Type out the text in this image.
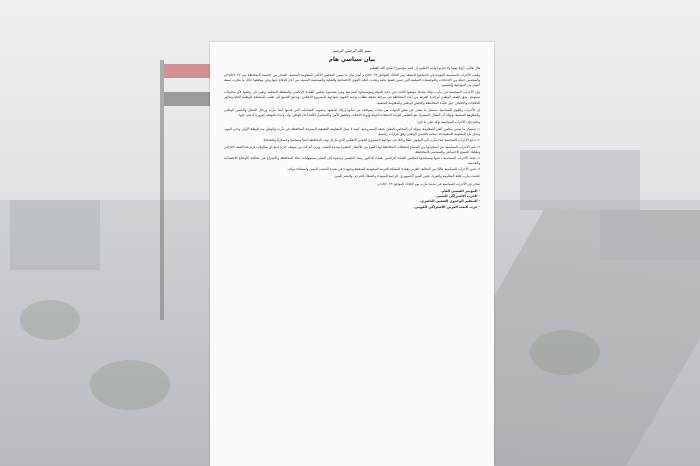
بسم الله الرحمن الرحيم
بيان سياسي هام

قال تعالى: ((ولا تهنوا ولا تحزنوا وأنتم الأعلون إن كنتم مؤمنين)) صدق الله العظيم

وقفت الأحزاب السياسية المؤيدة في اجتماعها المنعقد يوم الثلاثاء الموافق ١/٨/٢٠٢٣م أمام بيان ما سمي المجلس الأعلى للمقاومة الشعبية، الصادر من عاصمة المحافظة يوم ٢٩/٧/٢٠٢٣م والمتضمن جملة من الادعاءات والتوصيفات السلبية التي تمس قضية عامة وتحدث أغلب القوى الاجتماعية والقبلية والسياسية اليمنية، من أجل الدفاع عنها وعن مواقفها خلال ما يقارب تسعة أعوام من المواجهة والصمود.

وإن الأحزاب السياسية في مأرب تؤكد مجددًا موقفها الثابت في دعم الدولة ومؤسساتها الشرعية وفي مقدمتها مجلس القيادة الرئاسي والسلطة المحلية، وتعبر عن رفضها لأي محاولات تستهدف شق الصف الوطني أو إثارة الفرقة بين أبناء المحافظة في مرحلة دقيقة تتطلب توحيد الجهود لمواجهة المشروع الانقلابي، وتدعو الجميع إلى تغليب المصلحة الوطنية العليا وتجاوز الخلافات والالتفاف حول قيادة المحافظة والجيش الوطني والمقاومة الشعبية.

إن الأحزاب والقوى السياسية تستنكر ما يصدر عن بعض الجهات من بيانات ومواقف من شأنها إرباك المشهد وتشويه التضحيات التي قدمها أبناء مأرب ورجال القبائل والجيش الوطني والمقاومة الشعبية، وتؤكد أن النضال المشترك هو الضامن الوحيد لاستعادة الدولة وإنهاء الانقلاب وتحقيق الأمن والاستقرار لكافة أبناء الوطن، وأن وحدة الموقف ضرورة لا غنى عنها.

وعليه فإن الأحزاب السياسية تؤكد على ما يلي:

١- تستنكر ما سمي مجلس أعلى للمقاومة، وتؤكد أن المجلس المعلن يفتقد للمشروعية، كونه لا يمثل المقاومة الحقيقية المتنوعة المحافظة عن مأرب والوطن منذ الوهلة الأولى وحتى اليوم، وتذكر بأن المقاومة الشعبية قد دمجت بالجيش الوطني وفق قرارات رئاسية.
٢- تدعو الأحزاب السياسية أبناء مأرب إلى الوقوف صفًا واحدًا في مواجهة المشروع الحوثي الانقلابي الذي مازال يهدد المحافظة أمنيًا وسياسيًا وعسكريًا واقتصاديًا.
٣- تعبر الأحزاب السياسية عن استغرابها من السماح لسلطات المحافظة لهذا النوع من الأعمال المضرة بوحدة الصف، وترى أنه لابد من موقف حازم لمنع أي محاولات لزعزعة الصف الداخلي وتفكيك النسيج الاجتماعي والسياسي بالمحافظة.
٤- تجدد الأحزاب السياسية دعمها ومساندتها لمجلس القيادة الرئاسي بقيادة الدكتور رشاد العليمي وتدعوه إلى القيام بمسؤولياته تجاه المحافظة والإسراع في معالجة الأوضاع الاقتصادية والخدمية.
٥- تثمن الأحزاب السياسية عاليًا دور التحالف العربي بقيادة المملكة العربية السعودية الشقيقة وجهوده في نصرة الشعب اليمني واستعادة دولته.
عاشت مأرب قلعة المقاومة والثورة، عاش اليمن الجمهوري. الرحمة للشهداء والشفاء للجرحى والنصر لليمن.
صادر عن الأحزاب السياسية في مدينة مأرب يوم الثلاثاء الموافق ١/٨/٢٠٢٣م
- المؤتمر الشعبي العام.
- الحزب الاشتراكي اليمني.
- التنظيم الوحدوي الشعبي الناصري.
- حزب البعث العربي الاشتراكي القومي.
